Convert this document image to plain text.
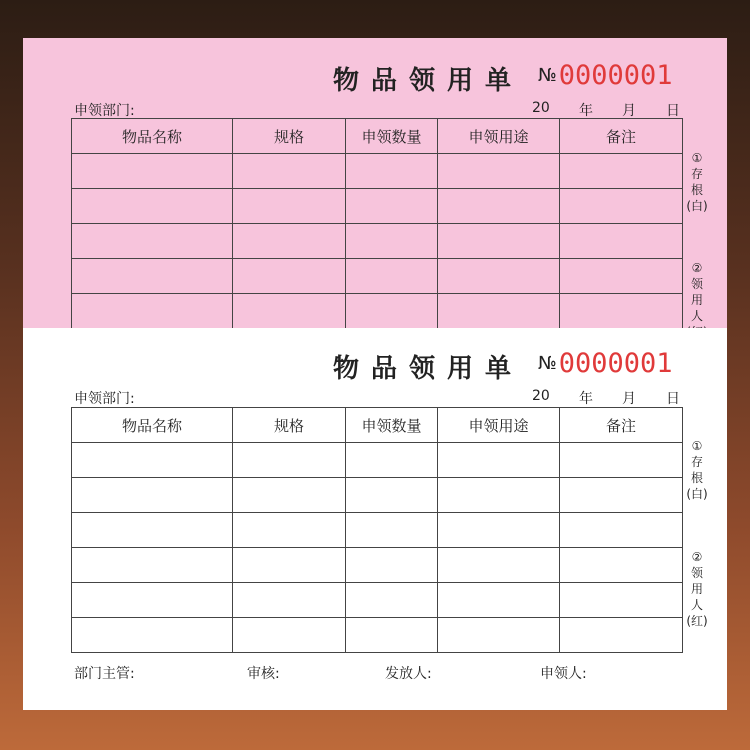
物品领用单 №0000001
申领部门:	20 年 月 日
物品名称	规格	申领数量	申领用途	备注

①
存
根
(白)
②
领
用
人
物品领用单 №0000001
申领部门:	20 年 月 日
物品名称	规格	申领数量	申领用途	备注

①
存
根
(白)
②
领
用
人
(红)
部门主管:	审核:	发放人:	申领人:
